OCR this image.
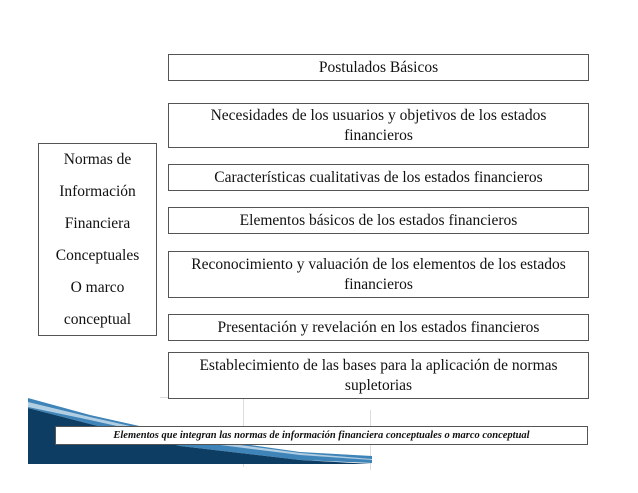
Postulados Básicos
Necesidades de los usuarios y objetivos de los estados financieros
Características cualitativas de los estados financieros
Elementos básicos de los estados financieros
Reconocimiento y valuación de los elementos de los estados financieros
Presentación y revelación en los estados financieros
Establecimiento de las bases para la aplicación de normas supletorias
Normas de
Información
Financiera
Conceptuales
O marco
conceptual
Elementos que integran las normas de información financiera conceptuales o marco conceptual
